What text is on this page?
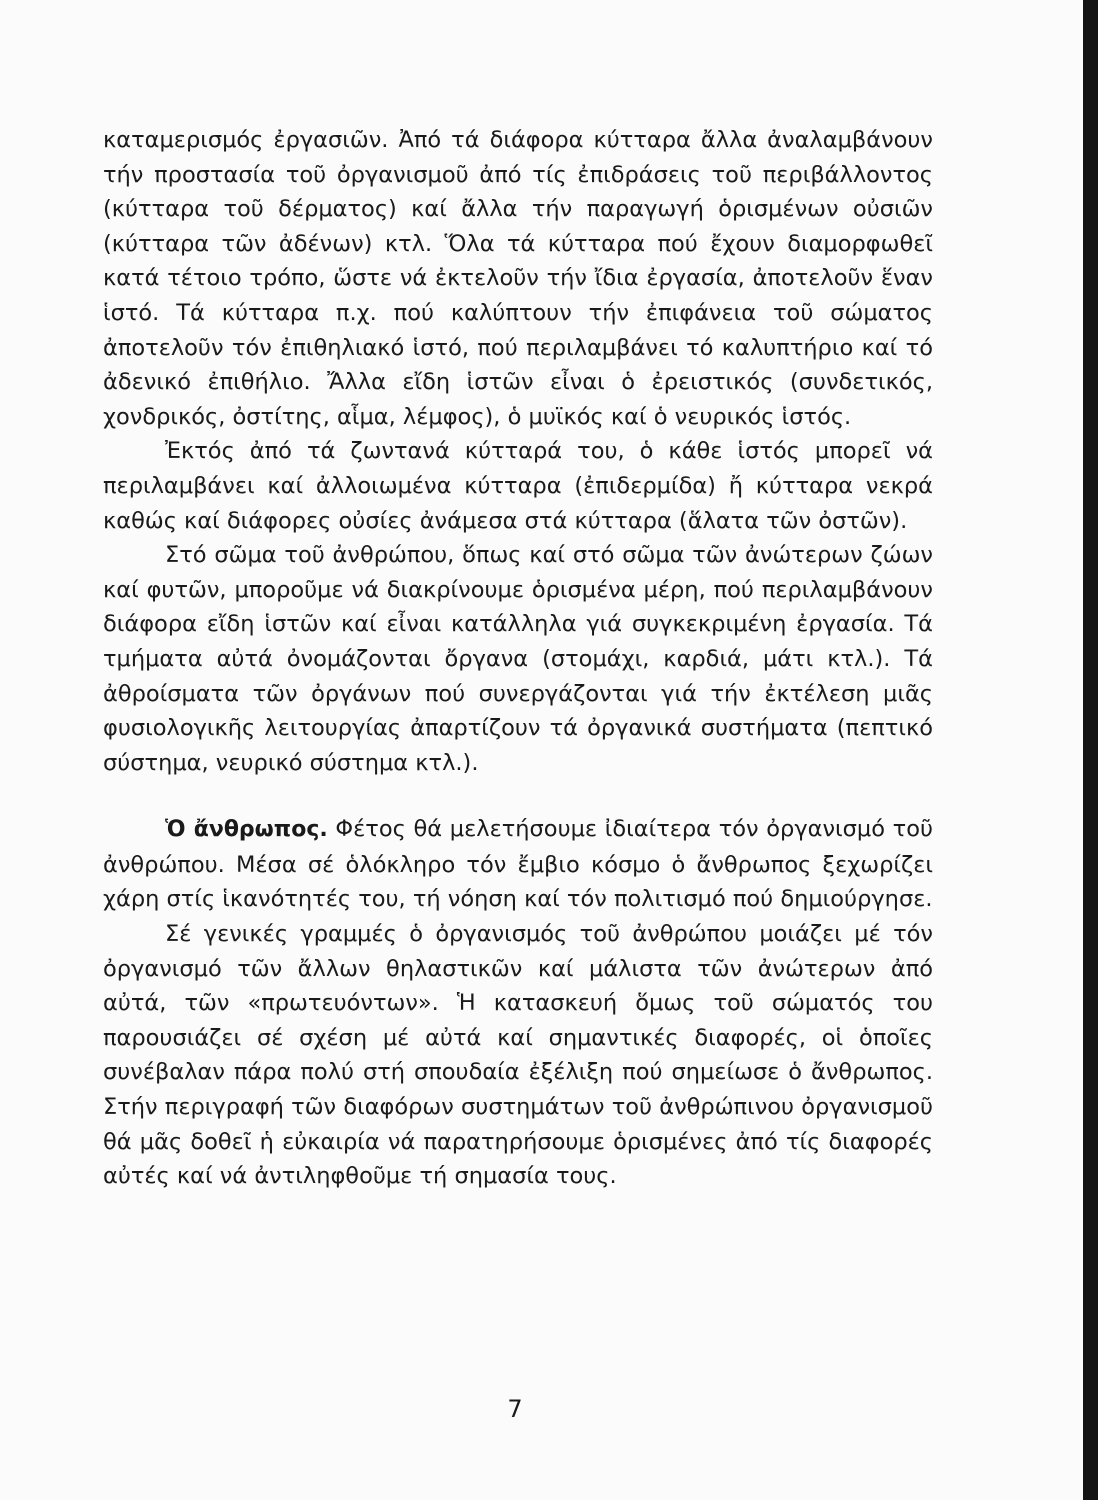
καταμερισμός ἐργασιῶν. Ἀπό τά διάφορα κύτταρα ἄλλα ἀναλαμβάνουν τήν προστασία τοῦ ὀργανισμοῦ ἀπό τίς ἐπιδράσεις τοῦ περιβάλλοντος (κύτταρα τοῦ δέρματος) καί ἄλλα τήν παραγωγή ὁρισμένων οὐσιῶν (κύτταρα τῶν ἀδένων) κτλ. Ὅλα τά κύτταρα πού ἔχουν διαμορφωθεῖ κατά τέτοιο τρόπο, ὥστε νά ἐκτελοῦν τήν ἴδια ἐργασία, ἀποτελοῦν ἕναν ἱστό. Τά κύτταρα π.χ. πού καλύπτουν τήν ἐπιφάνεια τοῦ σώματος ἀποτελοῦν τόν ἐπιθηλιακό ἱστό, πού περιλαμβάνει τό καλυπτήριο καί τό ἀδενικό ἐπιθήλιο. Ἄλλα εἴδη ἱστῶν εἶναι ὁ ἐρειστικός (συνδετικός, χονδρικός, ὀστίτης, αἷμα, λέμφος), ὁ μυϊκός καί ὁ νευρικός ἱστός.

Ἐκτός ἀπό τά ζωντανά κύτταρά του, ὁ κάθε ἱστός μπορεῖ νά περιλαμβάνει καί ἀλλοιωμένα κύτταρα (ἐπιδερμίδα) ἤ κύτταρα νεκρά καθώς καί διάφορες οὐσίες ἀνάμεσα στά κύτταρα (ἅλατα τῶν ὀστῶν).

Στό σῶμα τοῦ ἀνθρώπου, ὅπως καί στό σῶμα τῶν ἀνώτερων ζώων καί φυτῶν, μποροῦμε νά διακρίνουμε ὁρισμένα μέρη, πού περιλαμβάνουν διάφορα εἴδη ἱστῶν καί εἶναι κατάλληλα γιά συγκεκριμένη ἐργασία. Τά τμήματα αὐτά ὀνομάζονται ὄργανα (στομάχι, καρδιά, μάτι κτλ.). Τά ἀθροίσματα τῶν ὀργάνων πού συνεργάζονται γιά τήν ἐκτέλεση μιᾶς φυσιολογικῆς λειτουργίας ἀπαρτίζουν τά ὀργανικά συστήματα (πεπτικό σύστημα, νευρικό σύστημα κτλ.).

Ὁ ἄνθρωπος. Φέτος θά μελετήσουμε ἰδιαίτερα τόν ὀργανισμό τοῦ ἀνθρώπου. Μέσα σέ ὁλόκληρο τόν ἔμβιο κόσμο ὁ ἄνθρωπος ξεχωρίζει χάρη στίς ἱκανότητές του, τή νόηση καί τόν πολιτισμό πού δημιούργησε.

Σέ γενικές γραμμές ὁ ὀργανισμός τοῦ ἀνθρώπου μοιάζει μέ τόν ὀργανισμό τῶν ἄλλων θηλαστικῶν καί μάλιστα τῶν ἀνώτερων ἀπό αὐτά, τῶν «πρωτευόντων». Ἡ κατασκευή ὅμως τοῦ σώματός του παρουσιάζει σέ σχέση μέ αὐτά καί σημαντικές διαφορές, οἱ ὁποῖες συνέβαλαν πάρα πολύ στή σπουδαία ἐξέλιξη πού σημείωσε ὁ ἄνθρωπος. Στήν περιγραφή τῶν διαφόρων συστημάτων τοῦ ἀνθρώπινου ὀργανισμοῦ θά μᾶς δοθεῖ ἡ εὐκαιρία νά παρατηρήσουμε ὁρισμένες ἀπό τίς διαφορές αὐτές καί νά ἀντιληφθοῦμε τή σημασία τους.

7
